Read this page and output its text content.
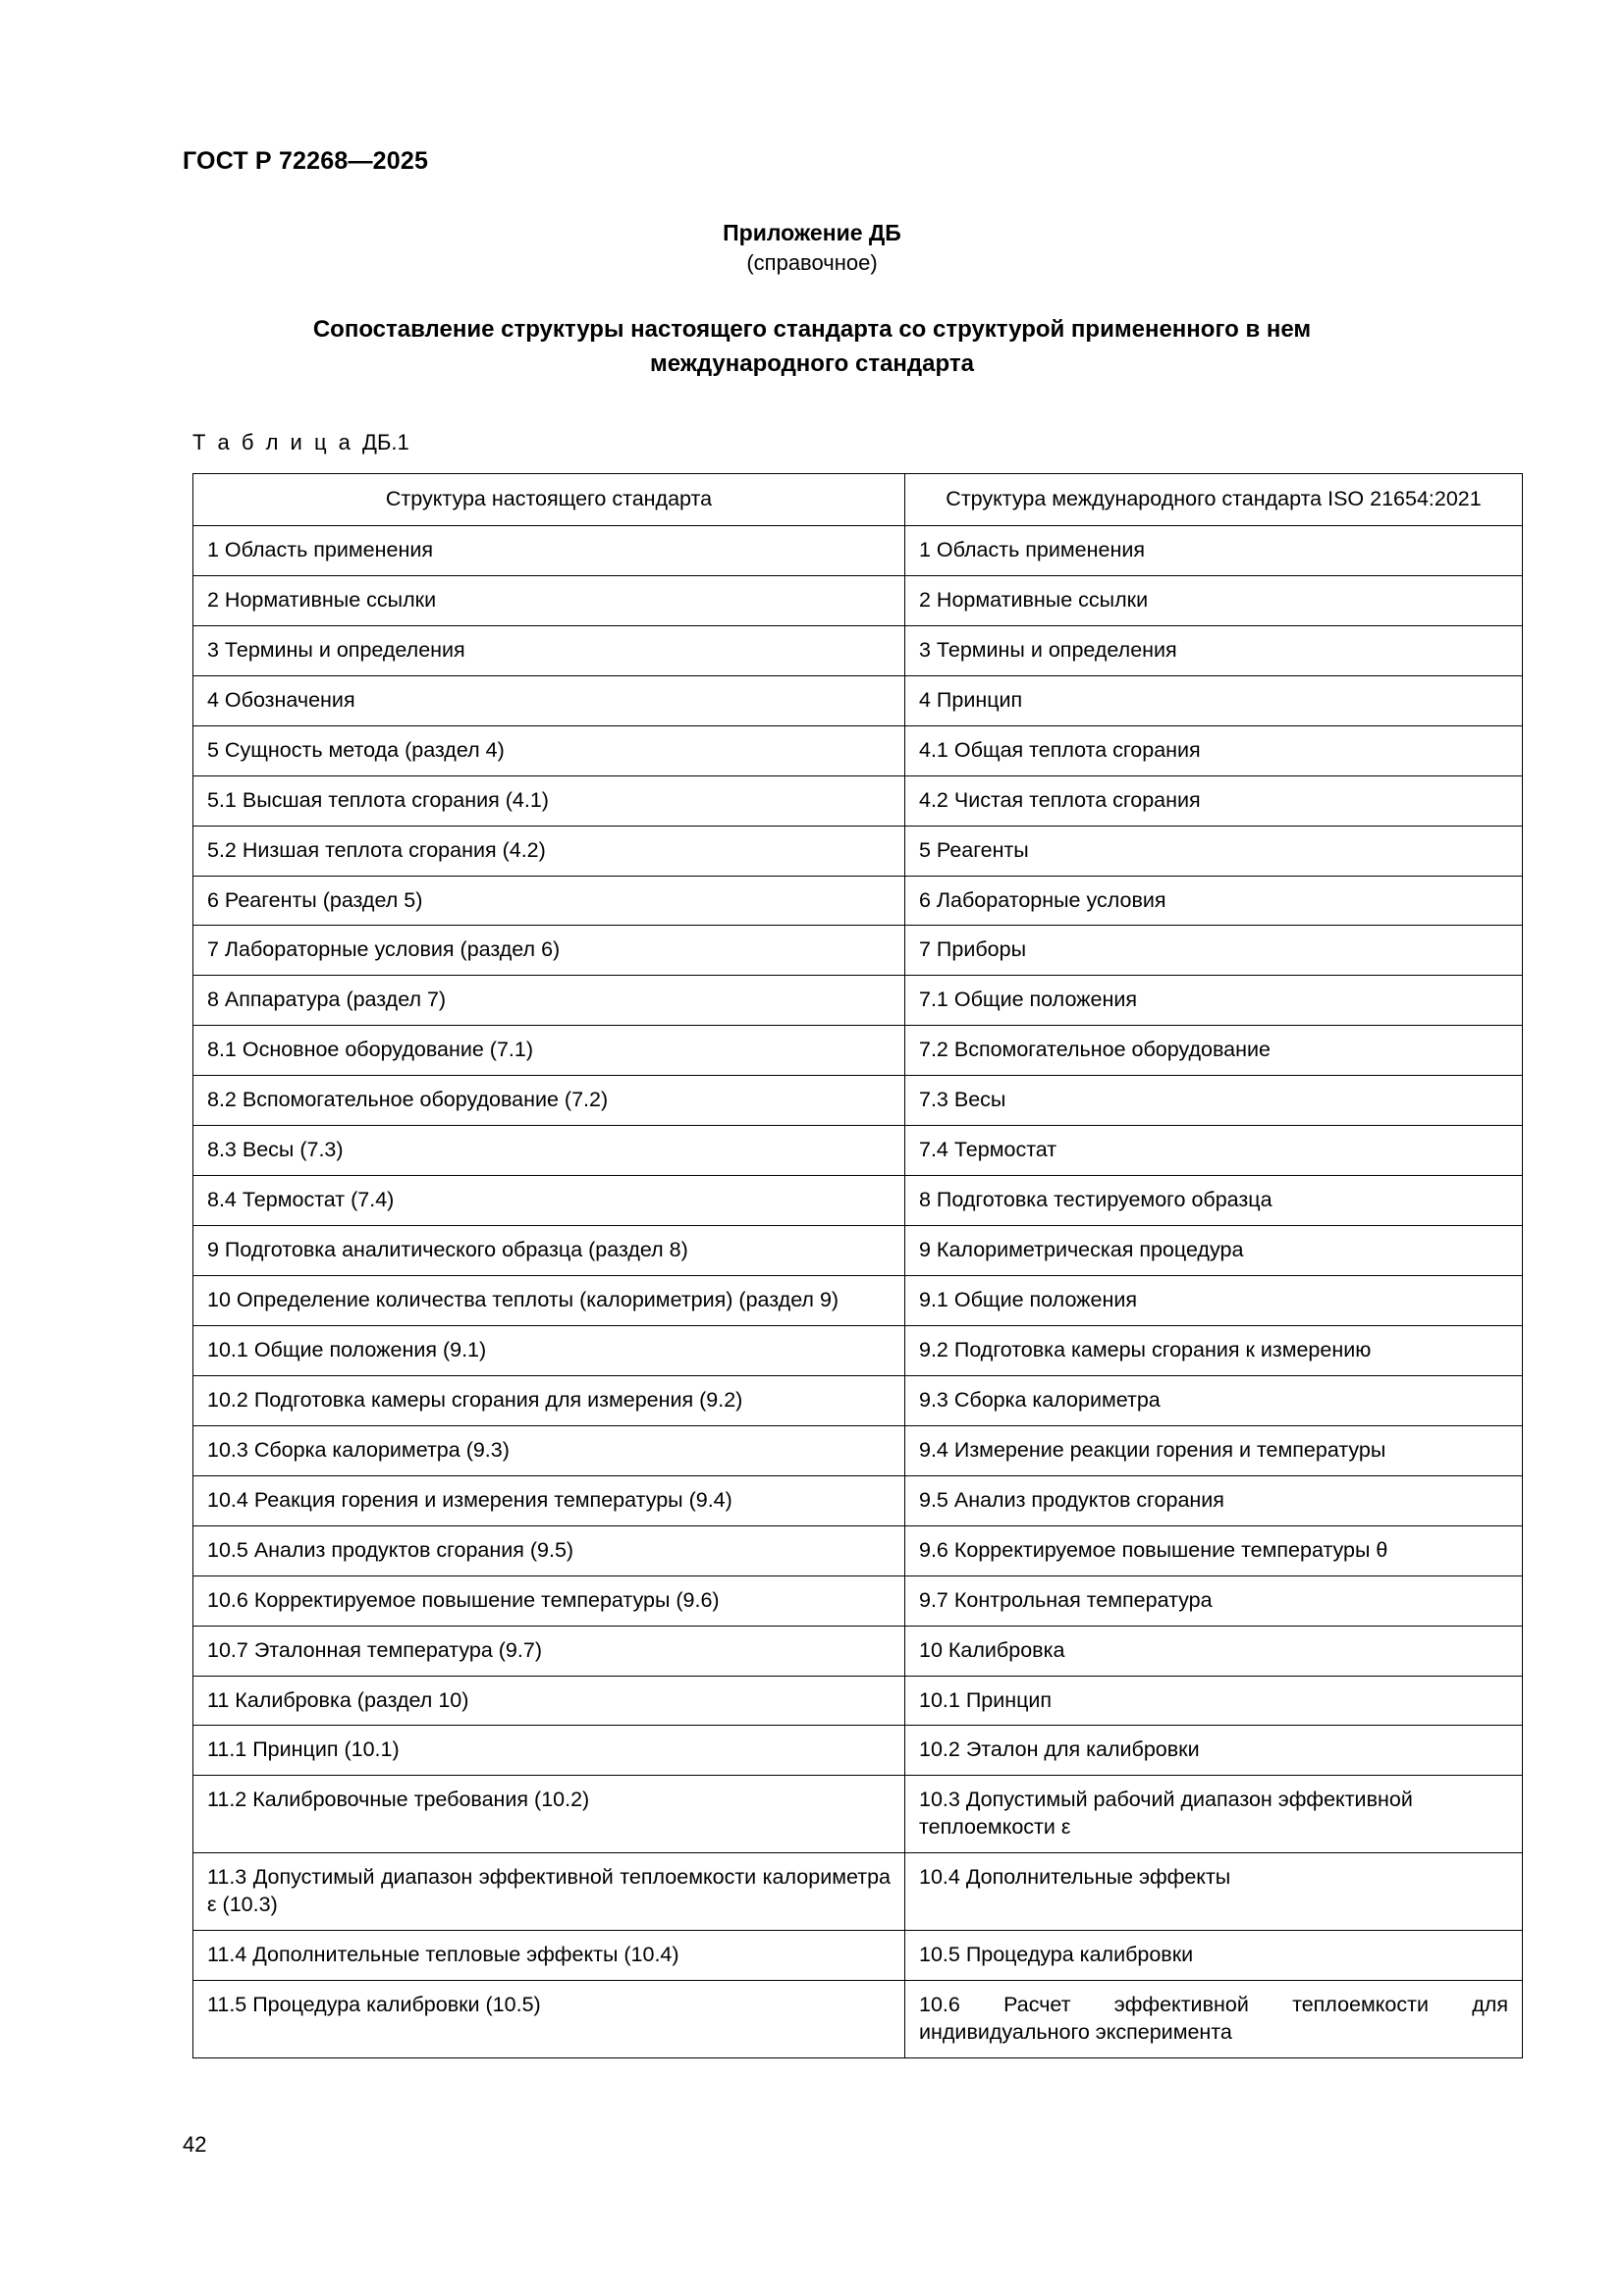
ГОСТ Р 72268—2025
Приложение ДБ
(справочное)
Сопоставление структуры настоящего стандарта со структурой примененного в нем
международного стандарта
Т а б л и ц а ДБ.1
Структура настоящего стандарта	Структура международного стандарта ISO 21654:2021
1 Область применения	1 Область применения
2 Нормативные ссылки	2 Нормативные ссылки
3 Термины и определения	3 Термины и определения
4 Обозначения	4 Принцип
5 Сущность метода (раздел 4)	4.1 Общая теплота сгорания
5.1 Высшая теплота сгорания (4.1)	4.2 Чистая теплота сгорания
5.2 Низшая теплота сгорания (4.2)	5 Реагенты
6 Реагенты (раздел 5)	6 Лабораторные условия
7 Лабораторные условия (раздел 6)	7 Приборы
8 Аппаратура (раздел 7)	7.1 Общие положения
8.1 Основное оборудование (7.1)	7.2 Вспомогательное оборудование
8.2 Вспомогательное оборудование (7.2)	7.3 Весы
8.3 Весы (7.3)	7.4 Термостат
8.4 Термостат (7.4)	8 Подготовка тестируемого образца
9 Подготовка аналитического образца (раздел 8)	9 Калориметрическая процедура
10 Определение количества теплоты (калориметрия) (раздел 9)	9.1 Общие положения
10.1 Общие положения (9.1)	9.2 Подготовка камеры сгорания к измерению
10.2 Подготовка камеры сгорания для измерения (9.2)	9.3 Сборка калориметра
10.3 Сборка калориметра (9.3)	9.4 Измерение реакции горения и температуры
10.4 Реакция горения и измерения температуры (9.4)	9.5 Анализ продуктов сгорания
10.5 Анализ продуктов сгорания (9.5)	9.6 Корректируемое повышение температуры θ
10.6 Корректируемое повышение температуры (9.6)	9.7 Контрольная температура
10.7 Эталонная температура (9.7)	10 Калибровка
11 Калибровка (раздел 10)	10.1 Принцип
11.1 Принцип (10.1)	10.2 Эталон для калибровки
11.2 Калибровочные требования (10.2)	10.3 Допустимый рабочий диапазон эффективной теплоемкости ε
11.3 Допустимый диапазон эффективной теплоемкости калориметра ε (10.3)	10.4 Дополнительные эффекты
11.4 Дополнительные тепловые эффекты (10.4)	10.5 Процедура калибровки
11.5 Процедура калибровки (10.5)	10.6 Расчет эффективной теплоемкости для индивидуального эксперимента
42
